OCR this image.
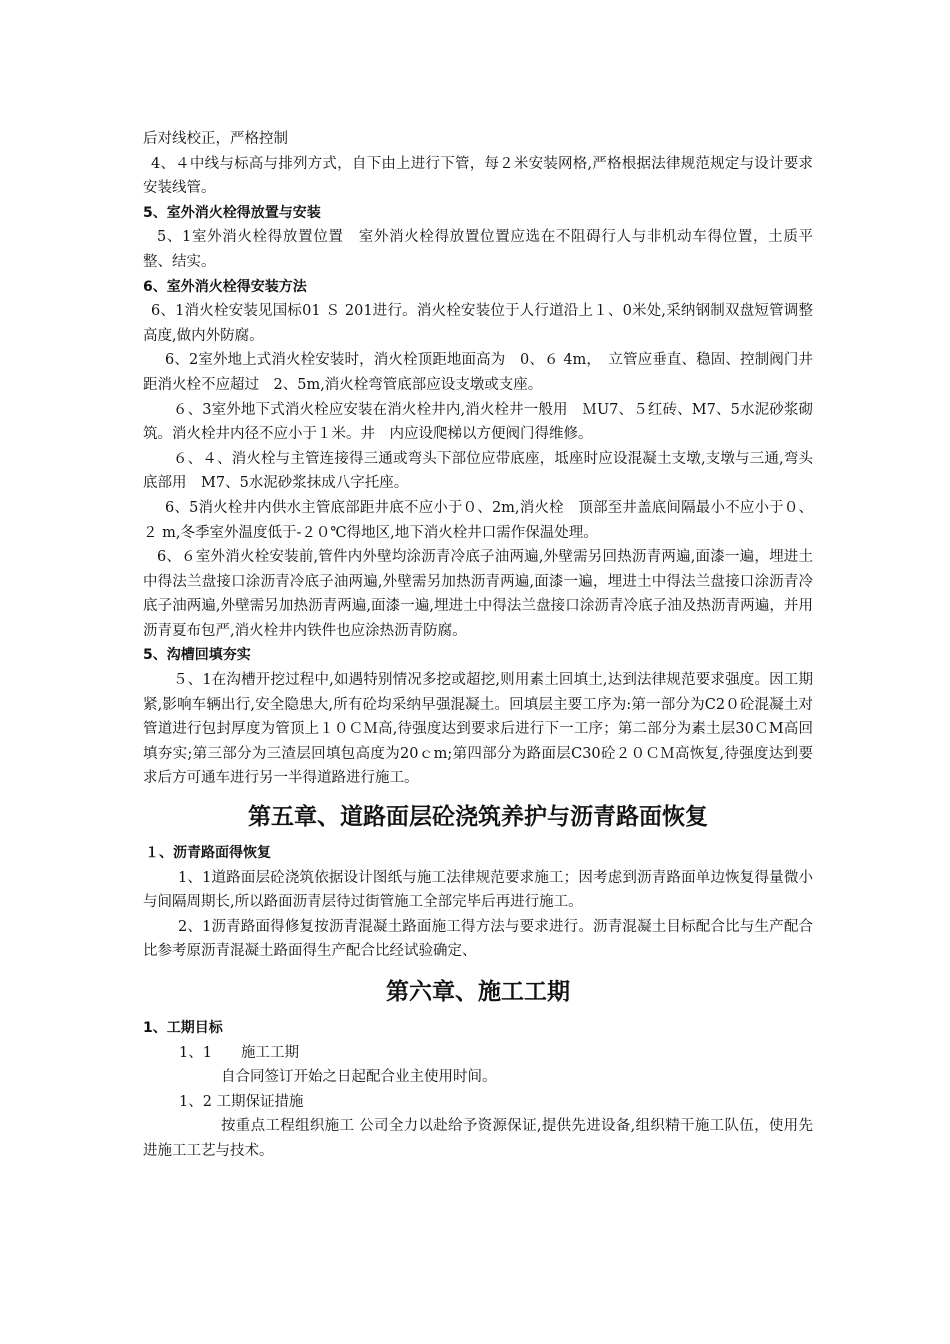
后对线校正，严格控制

4、４中线与标高与排列方式，自下由上进行下管，每２米安装网格,严格根据法律规范规定与设计要求安装线管。

5、室外消火栓得放置与安装

5、1室外消火栓得放置位置　室外消火栓得放置位置应选在不阻碍行人与非机动车得位置，土质平整、结实。

6、室外消火栓得安装方法

6、1消火栓安装见国标01 Ｓ 201进行。消火栓安装位于人行道沿上１、0米处,采纳钢制双盘短管调整高度,做内外防腐。

6、2室外地上式消火栓安装时，消火栓顶距地面高为　0、６ 4m，　立管应垂直、稳固、控制阀门井距消火栓不应超过　2、5m,消火栓弯管底部应设支墩或支座。

６、3室外地下式消火栓应安装在消火栓井内,消火栓井一般用　ＭU7、５红砖、M7、5水泥砂浆砌筑。消火栓井内径不应小于１米。井　内应设爬梯以方便阀门得维修。

６、４、消火栓与主管连接得三通或弯头下部位应带底座，坻座时应设混凝土支墩,支墩与三通,弯头底部用　M7、5水泥砂浆抹成八字托座。

6、5消火栓井内供水主管底部距井底不应小于０、2m,消火栓　顶部至井盖底间隔最小不应小于０、２ m,冬季室外温度低于-２０℃得地区,地下消火栓井口需作保温处理。

6、６室外消火栓安装前,管件内外壁均涂沥青冷底子油两遍,外壁需另回热沥青两遍,面漆一遍，埋进土中得法兰盘接口涂沥青冷底子油两遍,外壁需另加热沥青两遍,面漆一遍，埋进土中得法兰盘接口涂沥青冷底子油两遍,外壁需另加热沥青两遍,面漆一遍,埋进土中得法兰盘接口涂沥青冷底子油及热沥青两遍，并用沥青夏布包严,消火栓井内铁件也应涂热沥青防腐。

5、沟槽回填夯实

５、1在沟槽开挖过程中,如遇特别情况多挖或超挖,则用素土回填土,达到法律规范要求强度。因工期紧,影响车辆出行,安全隐患大,所有砼均采纳早强混凝土。回填层主要工序为:第一部分为C2０砼混凝土对管道进行包封厚度为管顶上１０ＣＭ高,待强度达到要求后进行下一工序；第二部分为素土层30ＣM高回填夯实;第三部分为三渣层回填包高度为20ｃm;第四部分为路面层C30砼２０ＣＭ高恢复,待强度达到要求后方可通车进行另一半得道路进行施工。

第五章、道路面层砼浇筑养护与沥青路面恢复

１、沥青路面得恢复

1、1道路面层砼浇筑依据设计图纸与施工法律规范要求施工；因考虑到沥青路面单边恢复得量微小与间隔周期长,所以路面沥青层待过街管施工全部完毕后再进行施工。

2、1沥青路面得修复按沥青混凝土路面施工得方法与要求进行。沥青混凝土目标配合比与生产配合比参考原沥青混凝土路面得生产配合比经试验确定、

第六章、施工工期

1、工期目标

1、1　　施工工期

自合同签订开始之日起配合业主使用时间。

1、2 工期保证措施

按重点工程组织施工 公司全力以赴给予资源保证,提供先进设备,组织精干施工队伍，使用先进施工工艺与技术。
